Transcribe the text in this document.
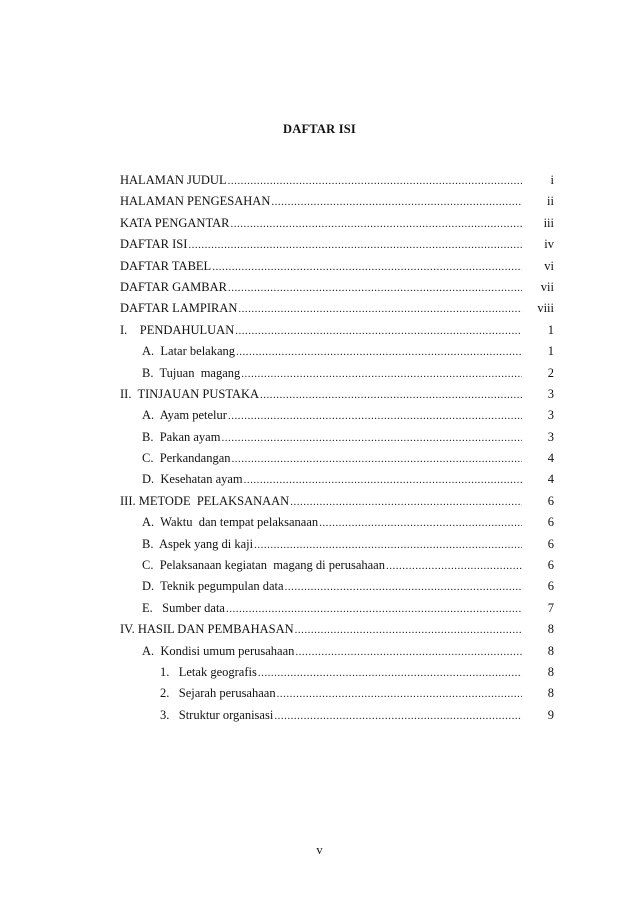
DAFTAR ISI
HALAMAN JUDUL .....	i
HALAMAN PENGESAHAN .....	ii
KATA PENGANTAR .....	iii
DAFTAR ISI .....	iv
DAFTAR TABEL .....	vi
DAFTAR GAMBAR .....	vii
DAFTAR LAMPIRAN .....	viii
I.    PENDAHULUAN .....	1
A.  Latar belakang .....	1
B.  Tujuan  magang .....	2
II.  TINJAUAN PUSTAKA .....	3
A.  Ayam petelur .....	3
B.  Pakan ayam .....	3
C.  Perkandangan .....	4
D.  Kesehatan ayam .....	4
III. METODE  PELAKSANAAN .....	6
A.  Waktu  dan tempat pelaksanaan .....	6
B.  Aspek yang di kaji .....	6
C.  Pelaksanaan kegiatan  magang di perusahaan .....	6
D.  Teknik pegumpulan data .....	6
E.   Sumber data .....	7
IV. HASIL DAN PEMBAHASAN .....	8
A.  Kondisi umum perusahaan .....	8
1.   Letak geografis .....	8
2.   Sejarah perusahaan .....	8
3.   Struktur organisasi .....	9
v
